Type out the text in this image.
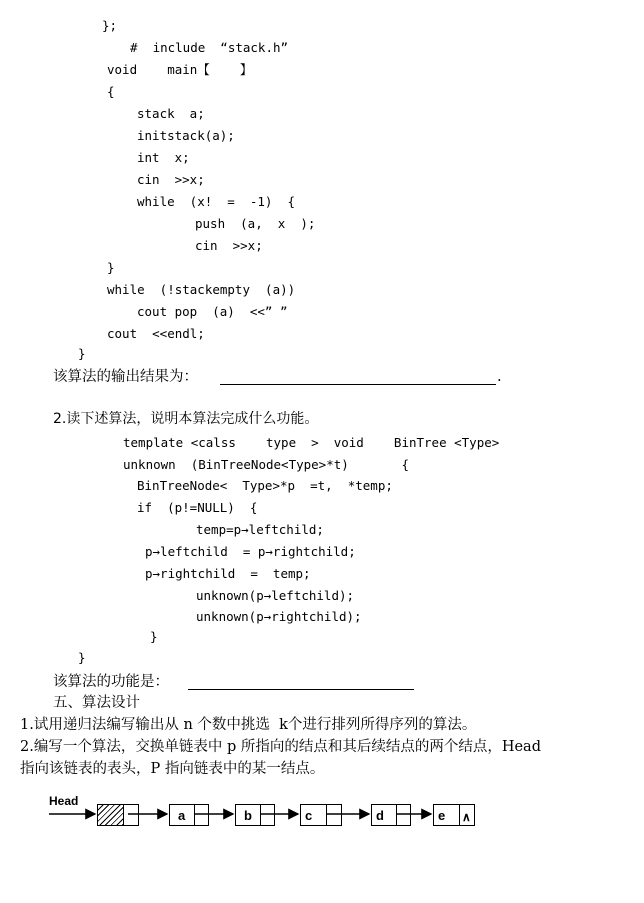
};
#  include  “stack.h”
void    main【    】
{
stack  a;
initstack(a);
int  x;
cin  >>x;
while  (x!  =  -1)  {
push  (a,  x  );
cin  >>x;
}
while  (!stackempty  (a))
cout pop  (a)  <<” ”
cout  <<endl;
}
该算法的输出结果为：	.
2.读下述算法，说明本算法完成什么功能。
template <calss    type  >  void    BinTree <Type>
unknown  (BinTreeNode<Type>*t)       {
BinTreeNode<  Type>*p  =t,  *temp;
if  (p!=NULL)  {
temp=p→leftchild;
p→leftchild  = p→rightchild;
p→rightchild  =  temp;
unknown(p→leftchild);
unknown(p→rightchild);
}
}
该算法的功能是：
五、算法设计
1.试用递归法编写输出从 n 个数中挑选  k个进行排列所得序列的算法。
2.编写一个算法，交换单链表中 p 所指向的结点和其后续结点的两个结点，Head
指向该链表的表头，P 指向链表中的某一结点。
Head
a	b	c	d	e ∧
